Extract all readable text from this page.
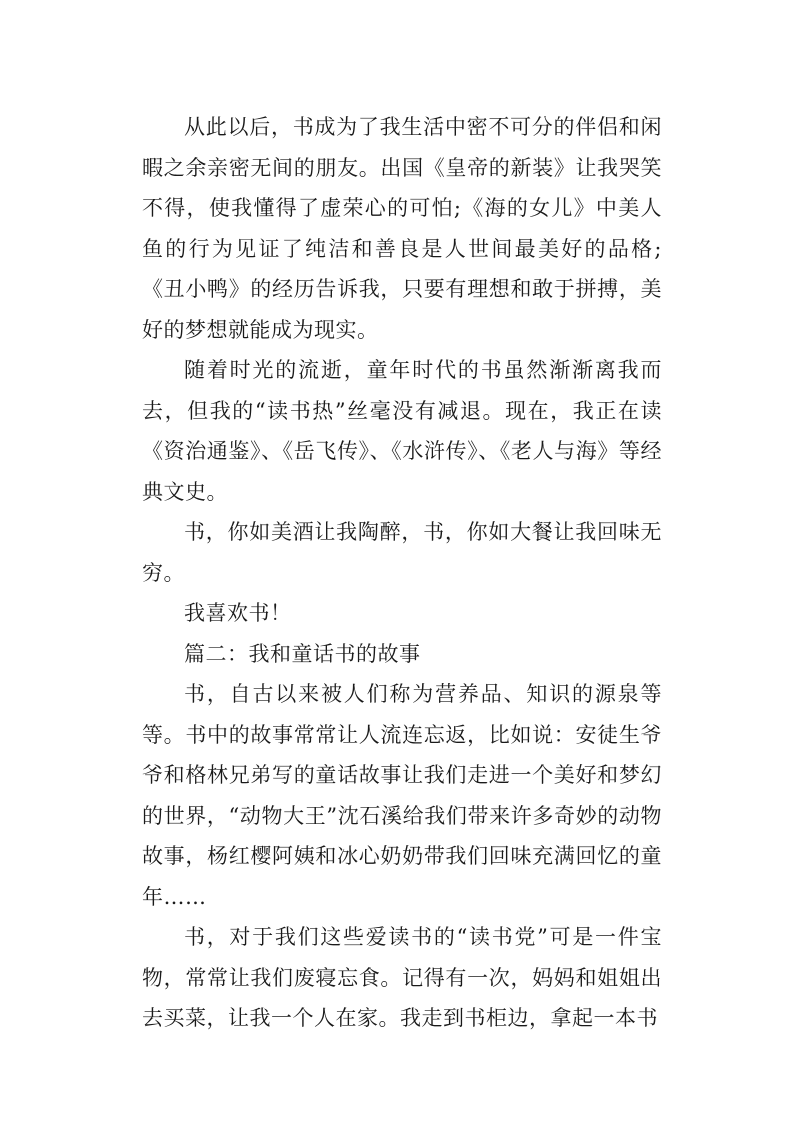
从此以后，书成为了我生活中密不可分的伴侣和闲暇之余亲密无间的朋友。出国《皇帝的新装》让我哭笑不得，使我懂得了虚荣心的可怕;《海的女儿》中美人鱼的行为见证了纯洁和善良是人世间最美好的品格;《丑小鸭》的经历告诉我，只要有理想和敢于拼搏，美好的梦想就能成为现实。

随着时光的流逝，童年时代的书虽然渐渐离我而去，但我的“读书热”丝毫没有减退。现在，我正在读《资治通鉴》、《岳飞传》、《水浒传》、《老人与海》等经典文史。

书，你如美酒让我陶醉，书，你如大餐让我回味无穷。

我喜欢书！

篇二：我和童话书的故事

书，自古以来被人们称为营养品、知识的源泉等等。书中的故事常常让人流连忘返，比如说：安徒生爷爷和格林兄弟写的童话故事让我们走进一个美好和梦幻的世界，“动物大王”沈石溪给我们带来许多奇妙的动物故事，杨红樱阿姨和冰心奶奶带我们回味充满回忆的童年……

书，对于我们这些爱读书的“读书党”可是一件宝物，常常让我们废寝忘食。记得有一次，妈妈和姐姐出去买菜，让我一个人在家。我走到书柜边，拿起一本书
